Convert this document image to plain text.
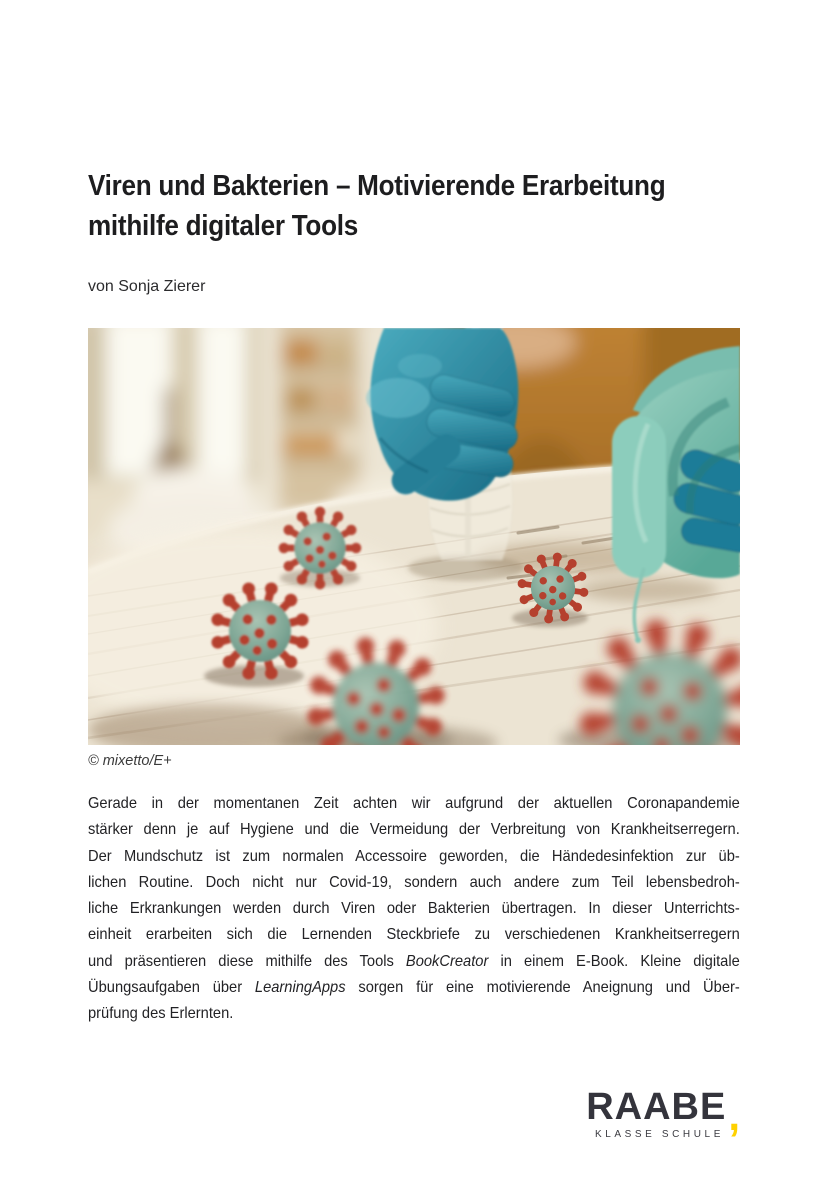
Viren und Bakterien – Motivierende Erarbeitung
mithilfe digitaler Tools
von Sonja Zierer
© mixetto/E+
Gerade in der momentanen Zeit achten wir aufgrund der aktuellen Coronapandemie
stärker denn je auf Hygiene und die Vermeidung der Verbreitung von Krankheitserregern.
Der Mundschutz ist zum normalen Accessoire geworden, die Händedesinfektion zur üb-
lichen Routine. Doch nicht nur Covid-19, sondern auch andere zum Teil lebensbedroh-
liche Erkrankungen werden durch Viren oder Bakterien übertragen. In dieser Unterrichts-
einheit erarbeiten sich die Lernenden Steckbriefe zu verschiedenen Krankheitserregern
und präsentieren diese mithilfe des Tools BookCreator in einem E-Book. Kleine digitale
Übungsaufgaben über LearningApps sorgen für eine motivierende Aneignung und Über-
prüfung des Erlernten.
RAABE ,
KLASSE SCHULE
